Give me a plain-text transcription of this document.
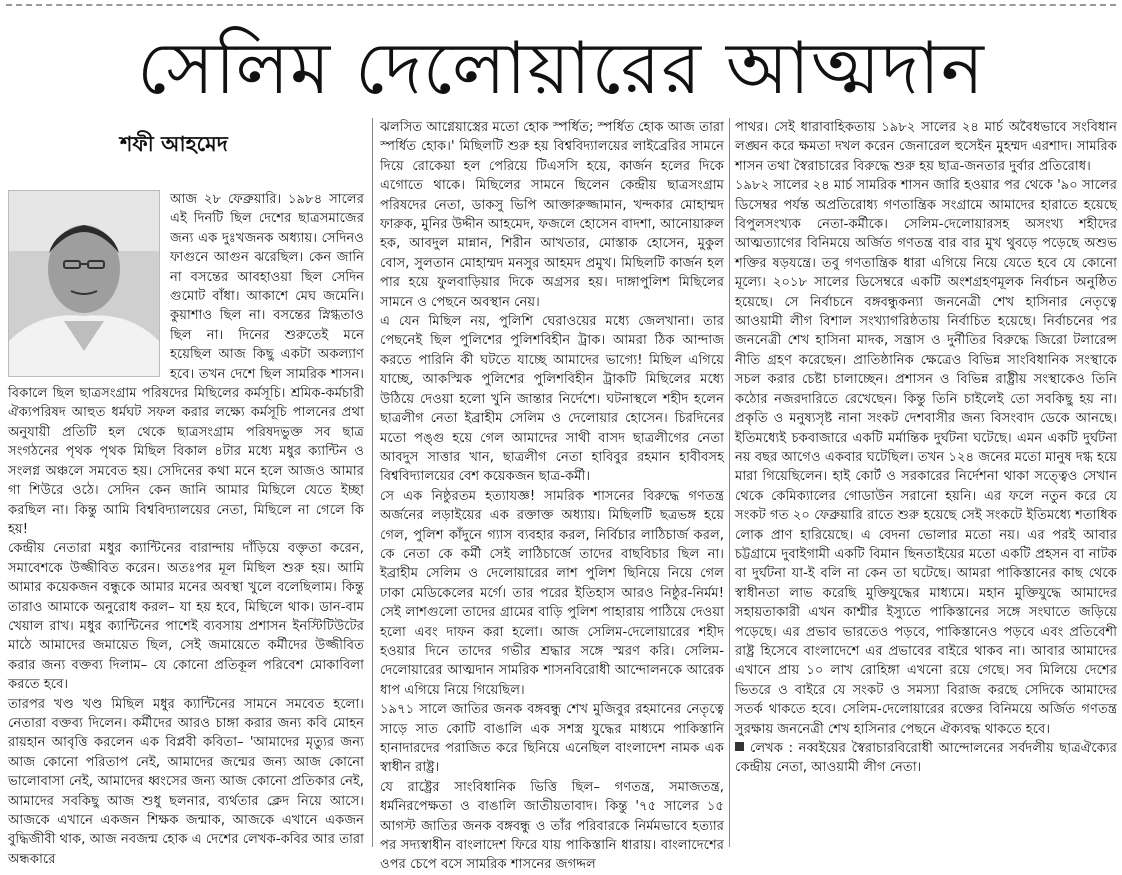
সেলিম দেলোয়ারের আত্মদান
শফী আহমেদ

আজ ২৮ ফেব্রুয়ারি। ১৯৮৪ সালের এই দিনটি ছিল দেশের ছাত্রসমাজের জন্য এক দুঃখজনক অধ্যায়। সেদিনও ফাগুনে আগুন ঝরেছিল। কেন জানি না বসন্তের আবহাওয়া ছিল সেদিন গুমোট বাঁধা। আকাশে মেঘ জমেনি। কুয়াশাও ছিল না। বসন্তের স্নিগ্ধতাও ছিল না। দিনের শুরুতেই মনে হয়েছিল আজ কিছু একটা অকল্যাণ হবে। তখন দেশে ছিল সামরিক শাসন। বিকালে ছিল ছাত্রসংগ্রাম পরিষদের মিছিলের কর্মসূচি। শ্রমিক-কর্মচারী ঐক্যপরিষদ আহুত ধর্মঘট সফল করার লক্ষ্যে কর্মসূচি পালনের প্রথা অনুযায়ী প্রতিটি হল থেকে ছাত্রসংগ্রাম পরিষদভুক্ত সব ছাত্র সংগঠনের পৃথক পৃথক মিছিল বিকাল ৪টার মধ্যে মধুর ক্যান্টিন ও সংলগ্ন অঞ্চলে সমবেত হয়। সেদিনের কথা মনে হলে আজও আমার গা শিউরে ওঠে। সেদিন কেন জানি আমার মিছিলে যেতে ইচ্ছা করছিল না। কিন্তু আমি বিশ্ববিদ্যালয়ের নেতা, মিছিলে না গেলে কি হয়!

কেন্দ্রীয় নেতারা মধুর ক্যান্টিনের বারান্দায় দাঁড়িয়ে বক্তৃতা করেন, সমাবেশকে উজ্জীবিত করেন। অতঃপর মূল মিছিল শুরু হয়। আমি আমার কয়েকজন বন্ধুকে আমার মনের অবস্থা খুলে বলেছিলাম। কিন্তু তারাও আমাকে অনুরোধ করল– যা হয় হবে, মিছিলে থাক। ডান-বাম খেয়াল রাখ। মধুর ক্যান্টিনের পাশেই ব্যবসায় প্রশাসন ইনস্টিটিউটের মাঠে আমাদের জমায়েত ছিল, সেই জমায়েতে কর্মীদের উজ্জীবিত করার জন্য বক্তব্য দিলাম– যে কোনো প্রতিকূল পরিবেশ মোকাবিলা করতে হবে।

তারপর খণ্ড খণ্ড মিছিল মধুর ক্যান্টিনের সামনে সমবেত হলো। নেতারা বক্তব্য দিলেন। কর্মীদের আরও চাঙ্গা করার জন্য কবি মোহন রায়হান আবৃত্তি করলেন এক বিপ্লবী কবিতা– 'আমাদের মৃত্যুর জন্য আজ কোনো পরিতাপ নেই, আমাদের জন্মের জন্য আজ কোনো ভালোবাসা নেই, আমাদের ধ্বংসের জন্য আজ কোনো প্রতিকার নেই, আমাদের সবকিছু আজ শুধু ছলনার, ব্যর্থতার ক্লেদ নিয়ে আসে। আজকে এখানে একজন শিক্ষক জন্মাক, আজকে এখানে একজন বুদ্ধিজীবী থাক, আজ নবজন্ম হোক এ দেশের লেখক-কবির আর তারা অন্ধকারে

ঝলসিত আগ্নেয়াস্ত্রের মতো হোক স্পর্ধিত; স্পর্ধিত হোক আজ তারা স্পর্ধিত হোক।' মিছিলটি শুরু হয় বিশ্ববিদ্যালয়ের লাইব্রেরির সামনে দিয়ে রোকেয়া হল পেরিয়ে টিএসসি হয়ে, কার্জন হলের দিকে এগোতে থাকে। মিছিলের সামনে ছিলেন কেন্দ্রীয় ছাত্রসংগ্রাম পরিষদের নেতা, ডাকসু ভিপি আক্তারুজ্জামান, খন্দকার মোহাম্মদ ফারুক, মুনির উদ্দীন আহমেদ, ফজলে হোসেন বাদশা, আনোয়ারুল হক, আবদুল মান্নান, শিরীন আখতার, মোস্তাক হোসেন, মুকুল বোস, সুলতান মোহাম্মদ মনসুর আহমদ প্রমুখ। মিছিলটি কার্জন হল পার হয়ে ফুলবাড়িয়ার দিকে অগ্রসর হয়। দাঙ্গাপুলিশ মিছিলের সামনে ও পেছনে অবস্থান নেয়।

এ যেন মিছিল নয়, পুলিশি ঘেরাওয়ের মধ্যে জেলখানা। তার পেছনেই ছিল পুলিশের পুলিশবিহীন ট্রাক। আমরা ঠিক আন্দাজ করতে পারিনি কী ঘটতে যাচ্ছে আমাদের ভাগ্যে! মিছিল এগিয়ে যাচ্ছে, আকস্মিক পুলিশের পুলিশবিহীন ট্রাকটি মিছিলের মধ্যে উঠিয়ে দেওয়া হলো খুনি জান্তার নির্দেশে। ঘটনাস্থলে শহীদ হলেন ছাত্রলীগ নেতা ইব্রাহীম সেলিম ও দেলোয়ার হোসেন। চিরদিনের মতো পঙ্গু হয়ে গেল আমাদের সাথী বাসদ ছাত্রলীগের নেতা আবদুস সাত্তার খান, ছাত্রলীগ নেতা হাবিবুর রহমান হাবীবসহ বিশ্ববিদ্যালয়ের বেশ কয়েকজন ছাত্র-কর্মী।

সে এক নিষ্ঠুরতম হত্যাযজ্ঞ! সামরিক শাসনের বিরুদ্ধে গণতন্ত্র অর্জনের লড়াইয়ের এক রক্তাক্ত অধ্যায়। মিছিলটি ছত্রভঙ্গ হয়ে গেল, পুলিশ কাঁদুনে গ্যাস ব্যবহার করল, নির্বিচার লাঠিচার্জ করল, কে নেতা কে কর্মী সেই লাঠিচার্জে তাদের বাছবিচার ছিল না। ইব্রাহীম সেলিম ও দেলোয়ারের লাশ পুলিশ ছিনিয়ে নিয়ে গেল ঢাকা মেডিকেলের মর্গে। তার পরের ইতিহাস আরও নিষ্ঠুর-নির্মম! সেই লাশগুলো তাদের গ্রামের বাড়ি পুলিশ পাহারায় পাঠিয়ে দেওয়া হলো এবং দাফন করা হলো। আজ সেলিম-দেলোয়ারের শহীদ হওয়ার দিনে তাদের গভীর শ্রদ্ধার সঙ্গে স্মরণ করি। সেলিম-দেলোয়ারের আত্মদান সামরিক শাসনবিরোধী আন্দোলনকে আরেক ধাপ এগিয়ে নিয়ে গিয়েছিল।

১৯৭১ সালে জাতির জনক বঙ্গবন্ধু শেখ মুজিবুর রহমানের নেতৃত্বে সাড়ে সাত কোটি বাঙালি এক সশস্ত্র যুদ্ধের মাধ্যমে পাকিস্তানি হানাদারদের পরাজিত করে ছিনিয়ে এনেছিল বাংলাদেশ নামক এক স্বাধীন রাষ্ট্র।

যে রাষ্ট্রের সাংবিধানিক ভিত্তি ছিল– গণতন্ত্র, সমাজতন্ত্র, ধর্মনিরপেক্ষতা ও বাঙালি জাতীয়তাবাদ। কিন্তু '৭৫ সালের ১৫ আগস্ট জাতির জনক বঙ্গবন্ধু ও তাঁর পরিবারকে নির্মমভাবে হত্যার পর সদ্যস্বাধীন বাংলাদেশ ফিরে যায় পাকিস্তানি ধারায়। বাংলাদেশের ওপর চেপে বসে সামরিক শাসনের জগদ্দল

পাথর। সেই ধারাবাহিকতায় ১৯৮২ সালের ২৪ মার্চ অবৈধভাবে সংবিধান লঙ্ঘন করে ক্ষমতা দখল করেন জেনারেল হুসেইন মুহম্মদ এরশাদ। সামরিক শাসন তথা স্বৈরাচারের বিরুদ্ধে শুরু হয় ছাত্র-জনতার দুর্বার প্রতিরোধ।

১৯৮২ সালের ২৪ মার্চ সামরিক শাসন জারি হওয়ার পর থেকে '৯০ সালের ডিসেম্বর পর্যন্ত অপ্রতিরোধ্য গণতান্ত্রিক সংগ্রামে আমাদের হারাতে হয়েছে বিপুলসংখ্যক নেতা-কর্মীকে। সেলিম-দেলোয়ারসহ অসংখ্য শহীদের আত্মত্যাগের বিনিময়ে অর্জিত গণতন্ত্র বার বার মুখ থুবড়ে পড়েছে অশুভ শক্তির ষড়যন্ত্রে। তবু গণতান্ত্রিক ধারা এগিয়ে নিয়ে যেতে হবে যে কোনো মূল্যে। ২০১৮ সালের ডিসেম্বরে একটি অংশগ্রহণমূলক নির্বাচন অনুষ্ঠিত হয়েছে। সে নির্বাচনে বঙ্গবন্ধুকন্যা জননেত্রী শেখ হাসিনার নেতৃত্বে আওয়ামী লীগ বিশাল সংখ্যাগরিষ্ঠতায় নির্বাচিত হয়েছে। নির্বাচনের পর জননেত্রী শেখ হাসিনা মাদক, সন্ত্রাস ও দুর্নীতির বিরুদ্ধে জিরো টলারেন্স নীতি গ্রহণ করেছেন। প্রাতিষ্ঠানিক ক্ষেত্রেও বিভিন্ন সাংবিধানিক সংস্থাকে সচল করার চেষ্টা চালাচ্ছেন। প্রশাসন ও বিভিন্ন রাষ্ট্রীয় সংস্থাকেও তিনি কঠোর নজরদারিতে রেখেছেন। কিন্তু তিনি চাইলেই তো সবকিছু হয় না। প্রকৃতি ও মনুষ্যসৃষ্ট নানা সংকট দেশবাসীর জন্য বিসংবাদ ডেকে আনছে। ইতিমধ্যেই চকবাজারে একটি মর্মান্তিক দুর্ঘটনা ঘটেছে। এমন একটি দুর্ঘটনা নয় বছর আগেও একবার ঘটেছিল। তখন ১২৪ জনের মতো মানুষ দগ্ধ হয়ে মারা গিয়েছিলেন। হাই কোর্ট ও সরকারের নির্দেশনা থাকা সত্ত্বেও সেখান থেকে কেমিক্যালের গোডাউন সরানো হয়নি। এর ফলে নতুন করে যে সংকট গত ২০ ফেব্রুয়ারি রাতে শুরু হয়েছে সেই সংকটে ইতিমধ্যে শতাধিক লোক প্রাণ হারিয়েছে। এ বেদনা ভোলার মতো নয়। এর পরই আবার চট্টগ্রামে দুবাইগামী একটি বিমান ছিনতাইয়ের মতো একটি প্রহসন বা নাটক বা দুর্ঘটনা যা-ই বলি না কেন তা ঘটেছে। আমরা পাকিস্তানের কাছ থেকে স্বাধীনতা লাভ করেছি মুক্তিযুদ্ধের মাধ্যমে। মহান মুক্তিযুদ্ধে আমাদের সহায়তাকারী এখন কাশ্মীর ইস্যুতে পাকিস্তানের সঙ্গে সংঘাতে জড়িয়ে পড়েছে। এর প্রভাব ভারতেও পড়বে, পাকিস্তানেও পড়বে এবং প্রতিবেশী রাষ্ট্র হিসেবে বাংলাদেশে এর প্রভাবের বাইরে থাকব না। আবার আমাদের এখানে প্রায় ১০ লাখ রোহিঙ্গা এখনো রয়ে গেছে। সব মিলিয়ে দেশের ভিতরে ও বাইরে যে সংকট ও সমস্যা বিরাজ করছে সেদিকে আমাদের সতর্ক থাকতে হবে। সেলিম-দেলোয়ারের রক্তের বিনিময়ে অর্জিত গণতন্ত্র সুরক্ষায় জননেত্রী শেখ হাসিনার পেছনে ঐক্যবদ্ধ থাকতে হবে।

লেখক : নব্বইয়ের স্বৈরাচারবিরোধী আন্দোলনের সর্বদলীয় ছাত্রঐক্যের কেন্দ্রীয় নেতা, আওয়ামী লীগ নেতা।
